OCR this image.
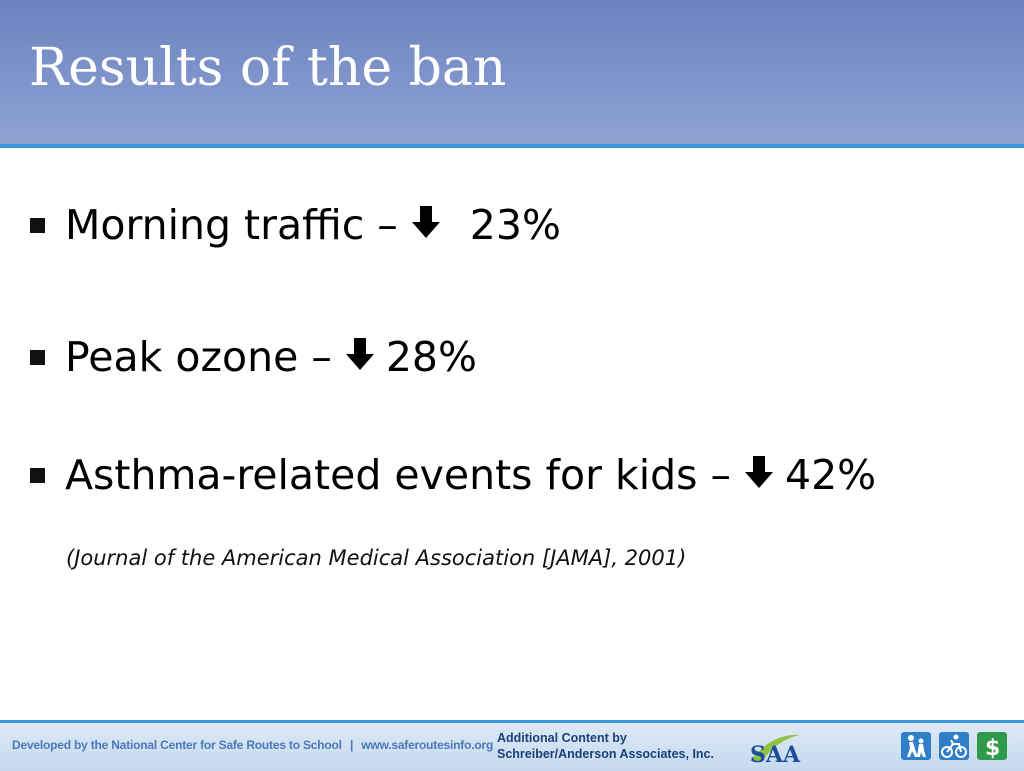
Results of the ban
Morning traffic – 23%
Peak ozone – 28%
Asthma-related events for kids – 42%
(Journal of the American Medical Association [JAMA], 2001)
Developed by the National Center for Safe Routes to School | www.saferoutesinfo.org Additional Content by
Schreiber/Anderson Associates, Inc. SAA	$
